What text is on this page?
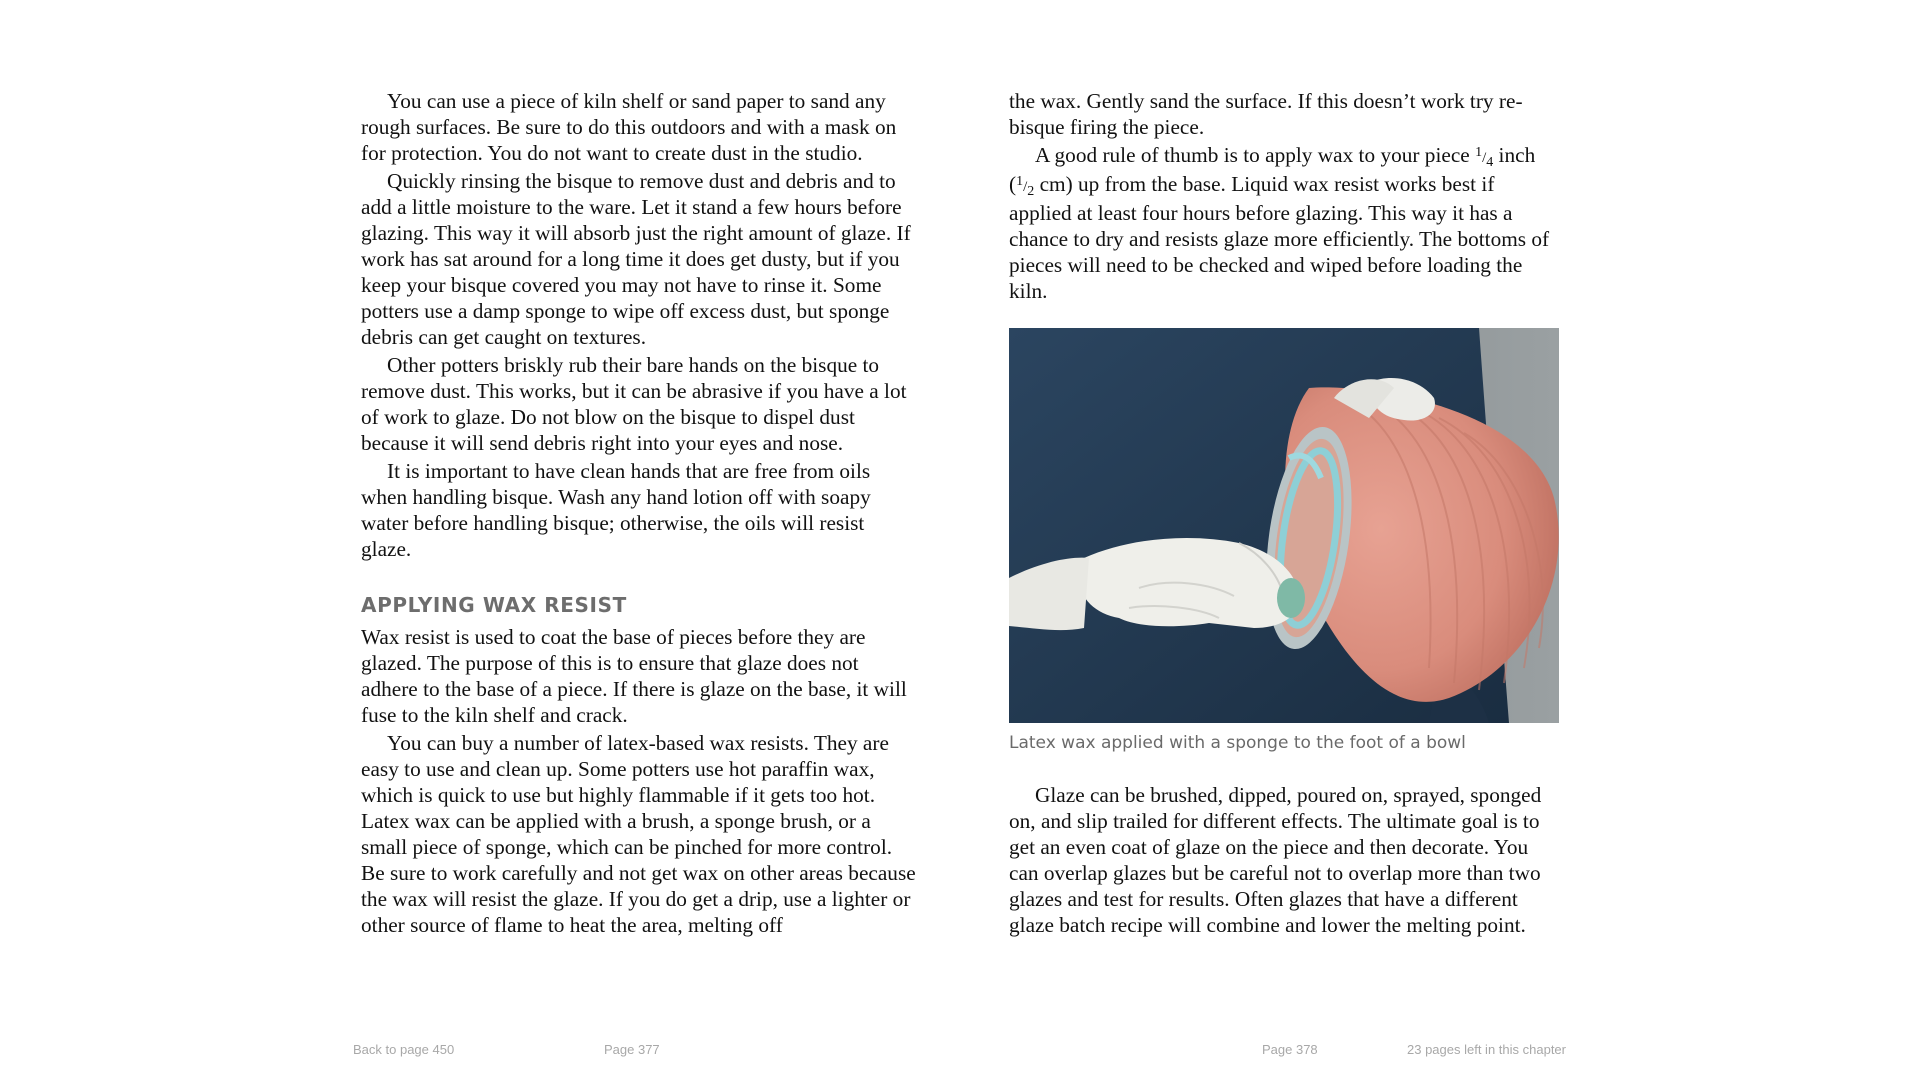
You can use a piece of kiln shelf or sand paper to sand any rough surfaces. Be sure to do this outdoors and with a mask on for protection. You do not want to create dust in the studio.

Quickly rinsing the bisque to remove dust and debris and to add a little moisture to the ware. Let it stand a few hours before glazing. This way it will absorb just the right amount of glaze. If work has sat around for a long time it does get dusty, but if you keep your bisque covered you may not have to rinse it. Some potters use a damp sponge to wipe off excess dust, but sponge debris can get caught on textures.

Other potters briskly rub their bare hands on the bisque to remove dust. This works, but it can be abrasive if you have a lot of work to glaze. Do not blow on the bisque to dispel dust because it will send debris right into your eyes and nose.

It is important to have clean hands that are free from oils when handling bisque. Wash any hand lotion off with soapy water before handling bisque; otherwise, the oils will resist glaze.

APPLYING WAX RESIST

Wax resist is used to coat the base of pieces before they are glazed. The purpose of this is to ensure that glaze does not adhere to the base of a piece. If there is glaze on the base, it will fuse to the kiln shelf and crack.

You can buy a number of latex-based wax resists. They are easy to use and clean up. Some potters use hot paraffin wax, which is quick to use but highly flammable if it gets too hot. Latex wax can be applied with a brush, a sponge brush, or a small piece of sponge, which can be pinched for more control. Be sure to work carefully and not get wax on other areas because the wax will resist the glaze. If you do get a drip, use a lighter or other source of flame to heat the area, melting off

the wax. Gently sand the surface. If this doesn’t work try re-bisque firing the piece.

A good rule of thumb is to apply wax to your piece $^1/_4$ inch ($^1/_2$ cm) up from the base. Liquid wax resist works best if applied at least four hours before glazing. This way it has a chance to dry and resists glaze more efficiently. The bottoms of pieces will need to be checked and wiped before loading the kiln.

Latex wax applied with a sponge to the foot of a bowl

Glaze can be brushed, dipped, poured on, sprayed, sponged on, and slip trailed for different effects. The ultimate goal is to get an even coat of glaze on the piece and then decorate. You can overlap glazes but be careful not to overlap more than two glazes and test for results. Often glazes that have a different glaze batch recipe will combine and lower the melting point.

Back to page 450	Page 377	Page 378	23 pages left in this chapter
